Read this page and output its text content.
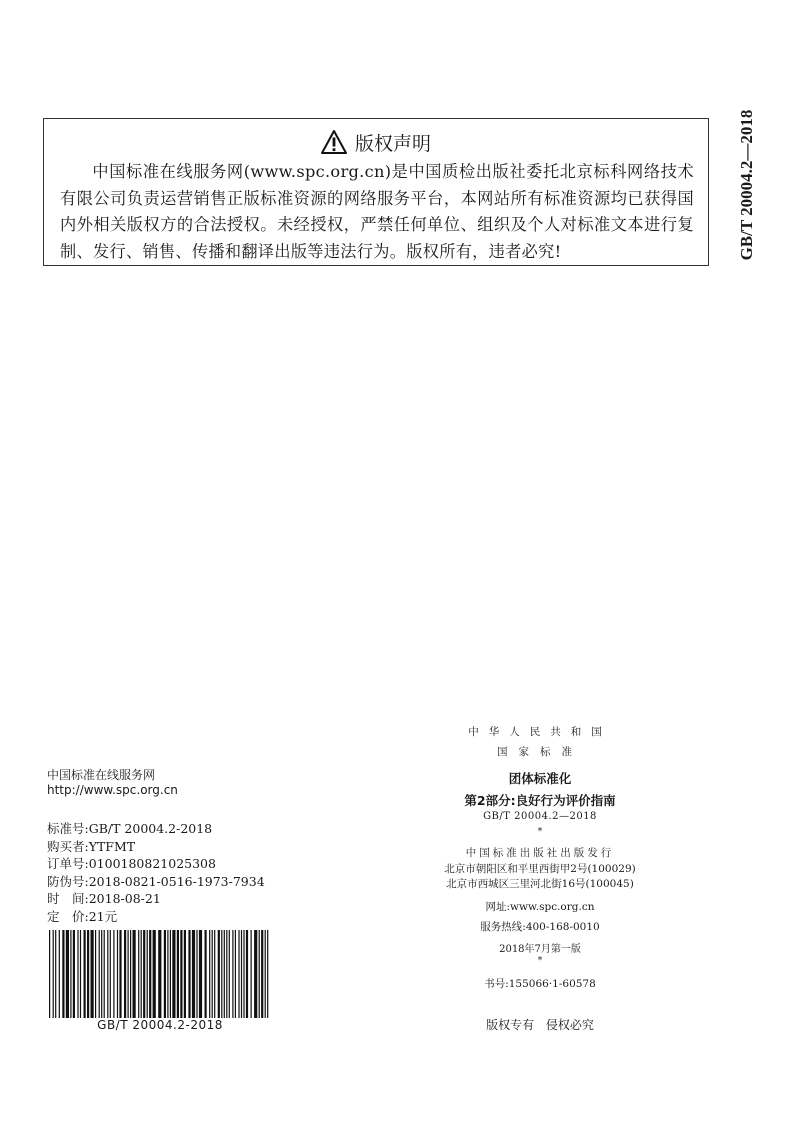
GB/T 20004.2—2018
版权声明
中国标准在线服务网(www.spc.org.cn)是中国质检出版社委托北京标科网络技术有限公司负责运营销售正版标准资源的网络服务平台，本网站所有标准资源均已获得国内外相关版权方的合法授权。未经授权，严禁任何单位、组织及个人对标准文本进行复制、发行、销售、传播和翻译出版等违法行为。版权所有，违者必究!
中国标准在线服务网
http://www.spc.org.cn
标准号:GB/T 20004.2-2018
购买者:YTFMT
订单号:0100180821025308
防伪号:2018-0821-0516-1973-7934
时　间:2018-08-21
定　价:21元
GB/T 20004.2-2018
中华人民共和国
国家标准
团体标准化
第2部分:良好行为评价指南
GB/T 20004.2—2018
*
中国标准出版社出版发行
北京市朝阳区和平里西街甲2号(100029)
北京市西城区三里河北街16号(100045)
网址:www.spc.org.cn
服务热线:400-168-0010
2018年7月第一版
*
书号:155066·1-60578
版权专有 侵权必究
